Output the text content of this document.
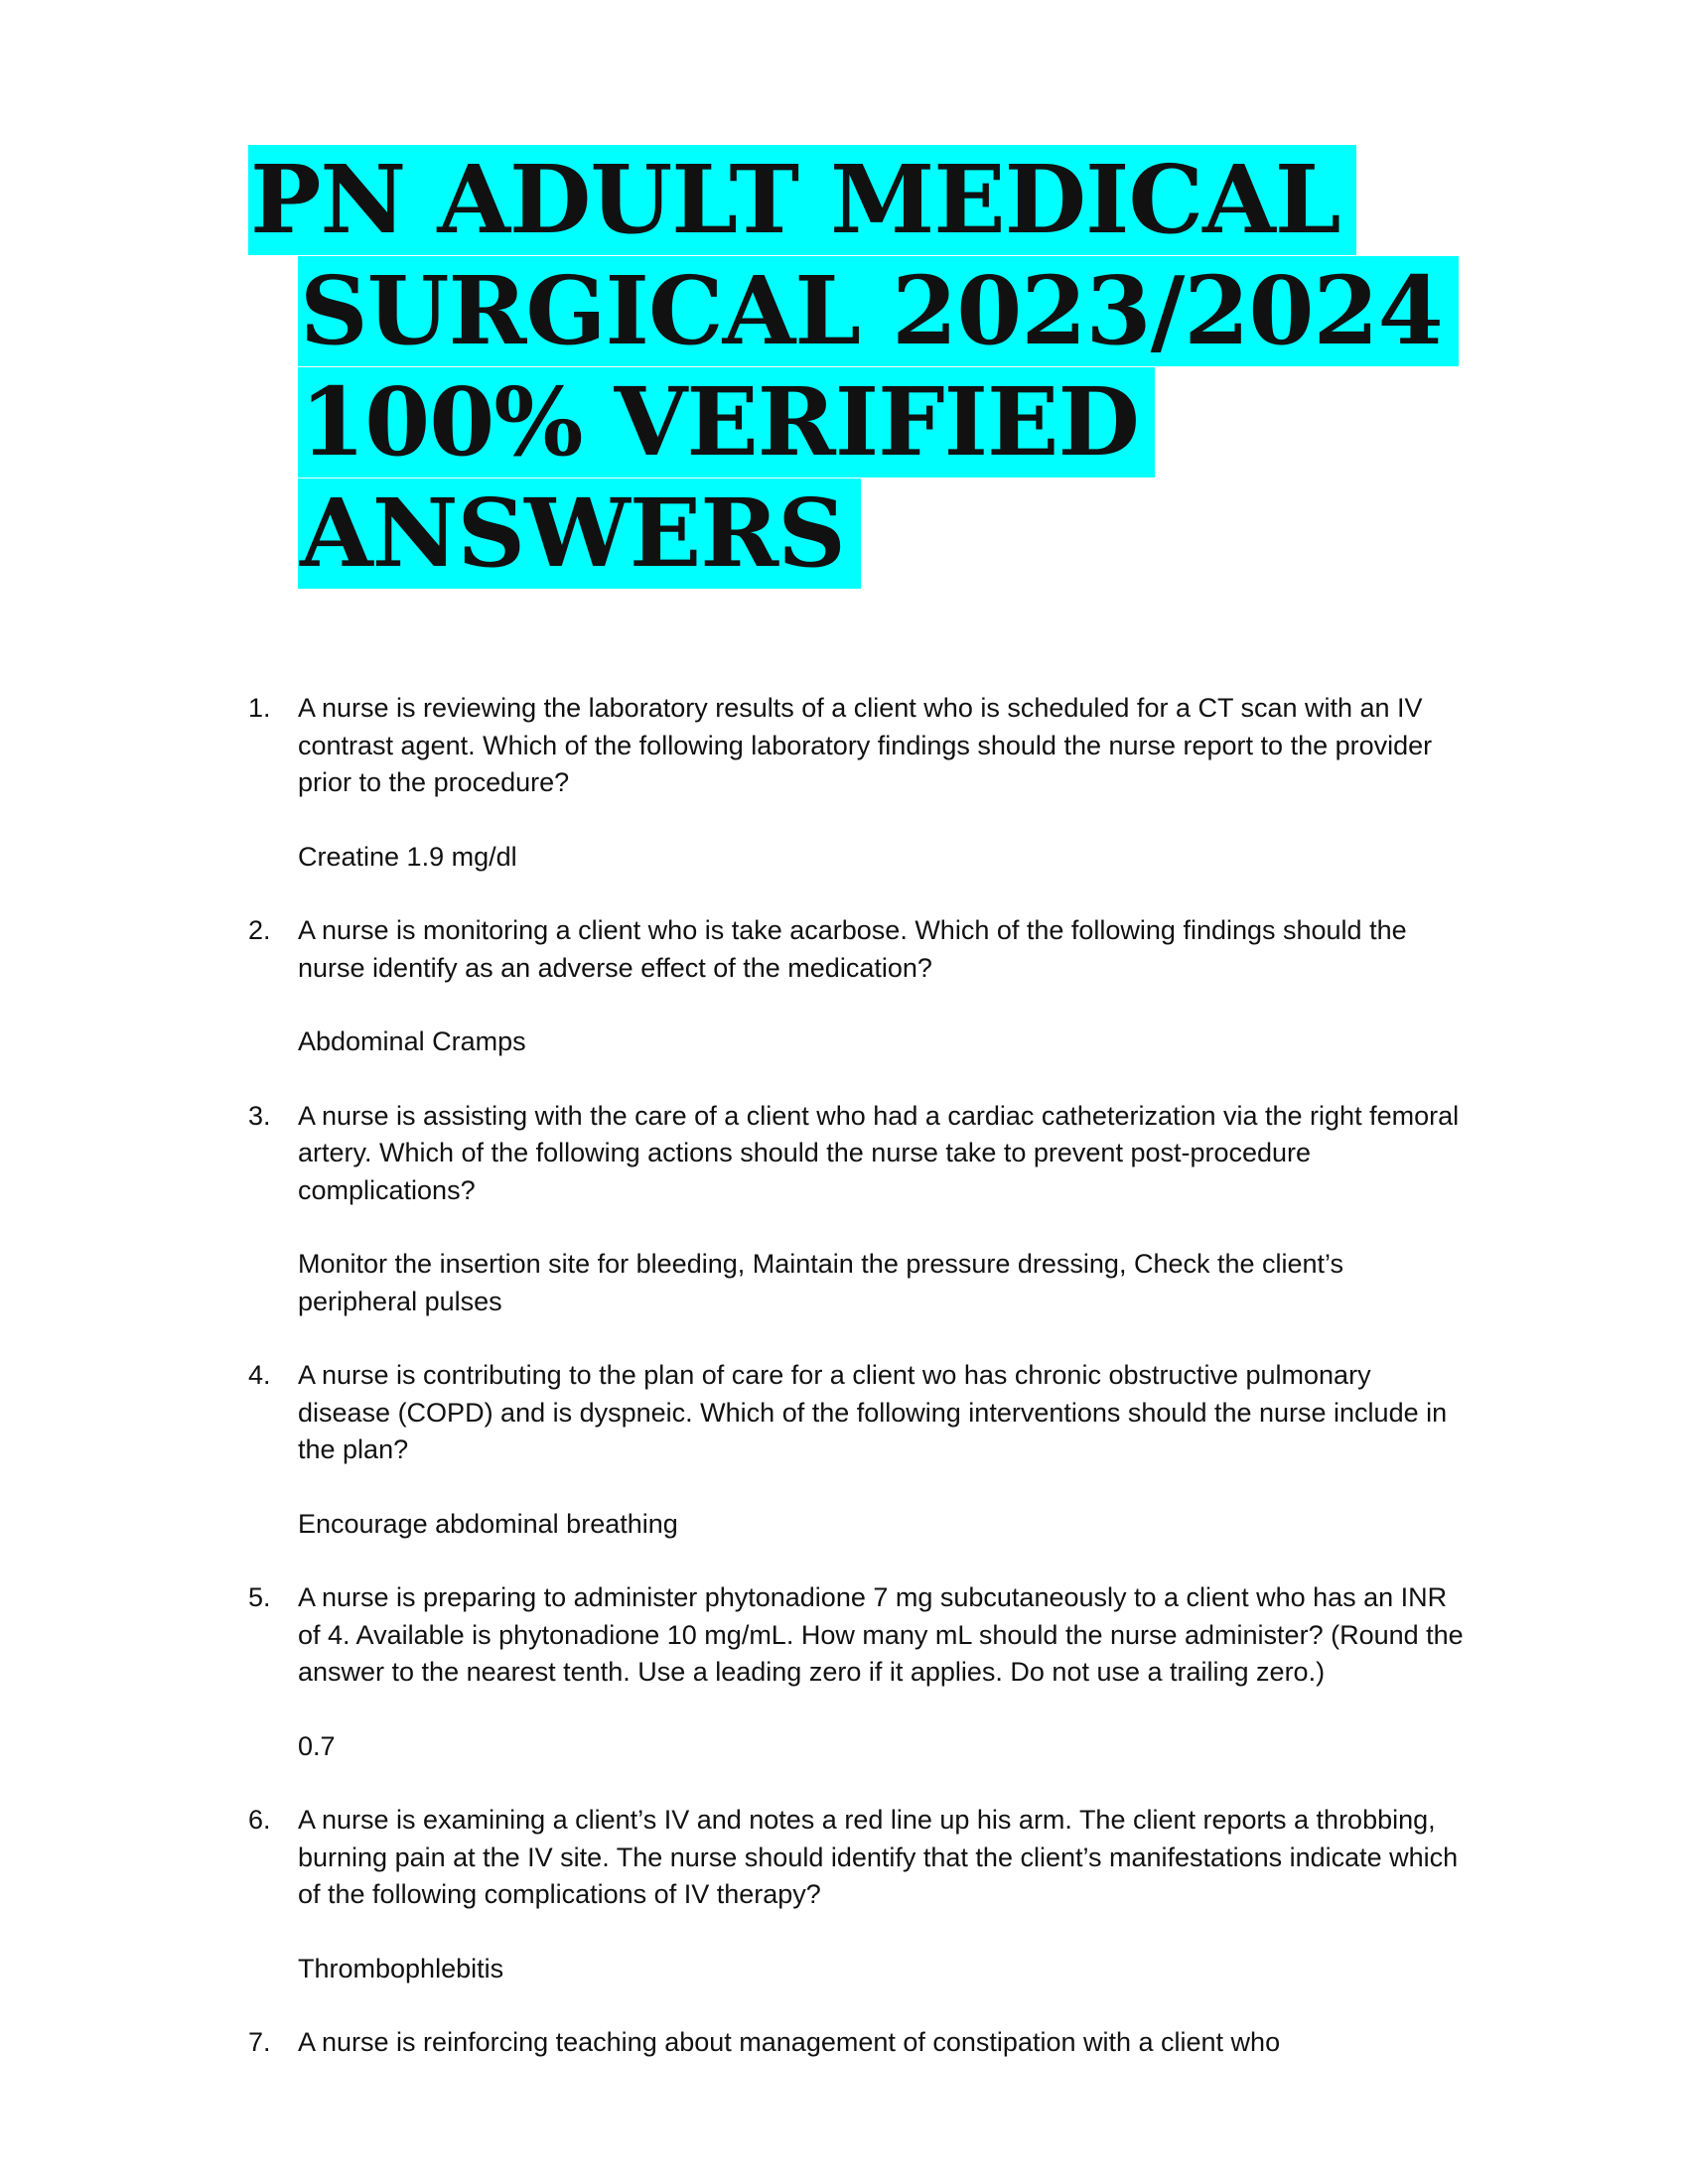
PN ADULT MEDICAL
SURGICAL 2023/2024
100% VERIFIED
ANSWERS
1. A nurse is reviewing the laboratory results of a client who is scheduled for a CT scan with an IV contrast agent. Which of the following laboratory findings should the nurse report to the provider prior to the procedure?
Creatine 1.9 mg/dl
2. A nurse is monitoring a client who is take acarbose. Which of the following findings should the nurse identify as an adverse effect of the medication?
Abdominal Cramps
3. A nurse is assisting with the care of a client who had a cardiac catheterization via the right femoral artery. Which of the following actions should the nurse take to prevent post-procedure complications?
Monitor the insertion site for bleeding, Maintain the pressure dressing, Check the client’s peripheral pulses
4. A nurse is contributing to the plan of care for a client wo has chronic obstructive pulmonary disease (COPD) and is dyspneic. Which of the following interventions should the nurse include in the plan?
Encourage abdominal breathing
5. A nurse is preparing to administer phytonadione 7 mg subcutaneously to a client who has an INR of 4. Available is phytonadione 10 mg/mL. How many mL should the nurse administer? (Round the answer to the nearest tenth. Use a leading zero if it applies. Do not use a trailing zero.)
0.7
6. A nurse is examining a client’s IV and notes a red line up his arm. The client reports a throbbing, burning pain at the IV site. The nurse should identify that the client’s manifestations indicate which of the following complications of IV therapy?
Thrombophlebitis
7. A nurse is reinforcing teaching about management of constipation with a client who
